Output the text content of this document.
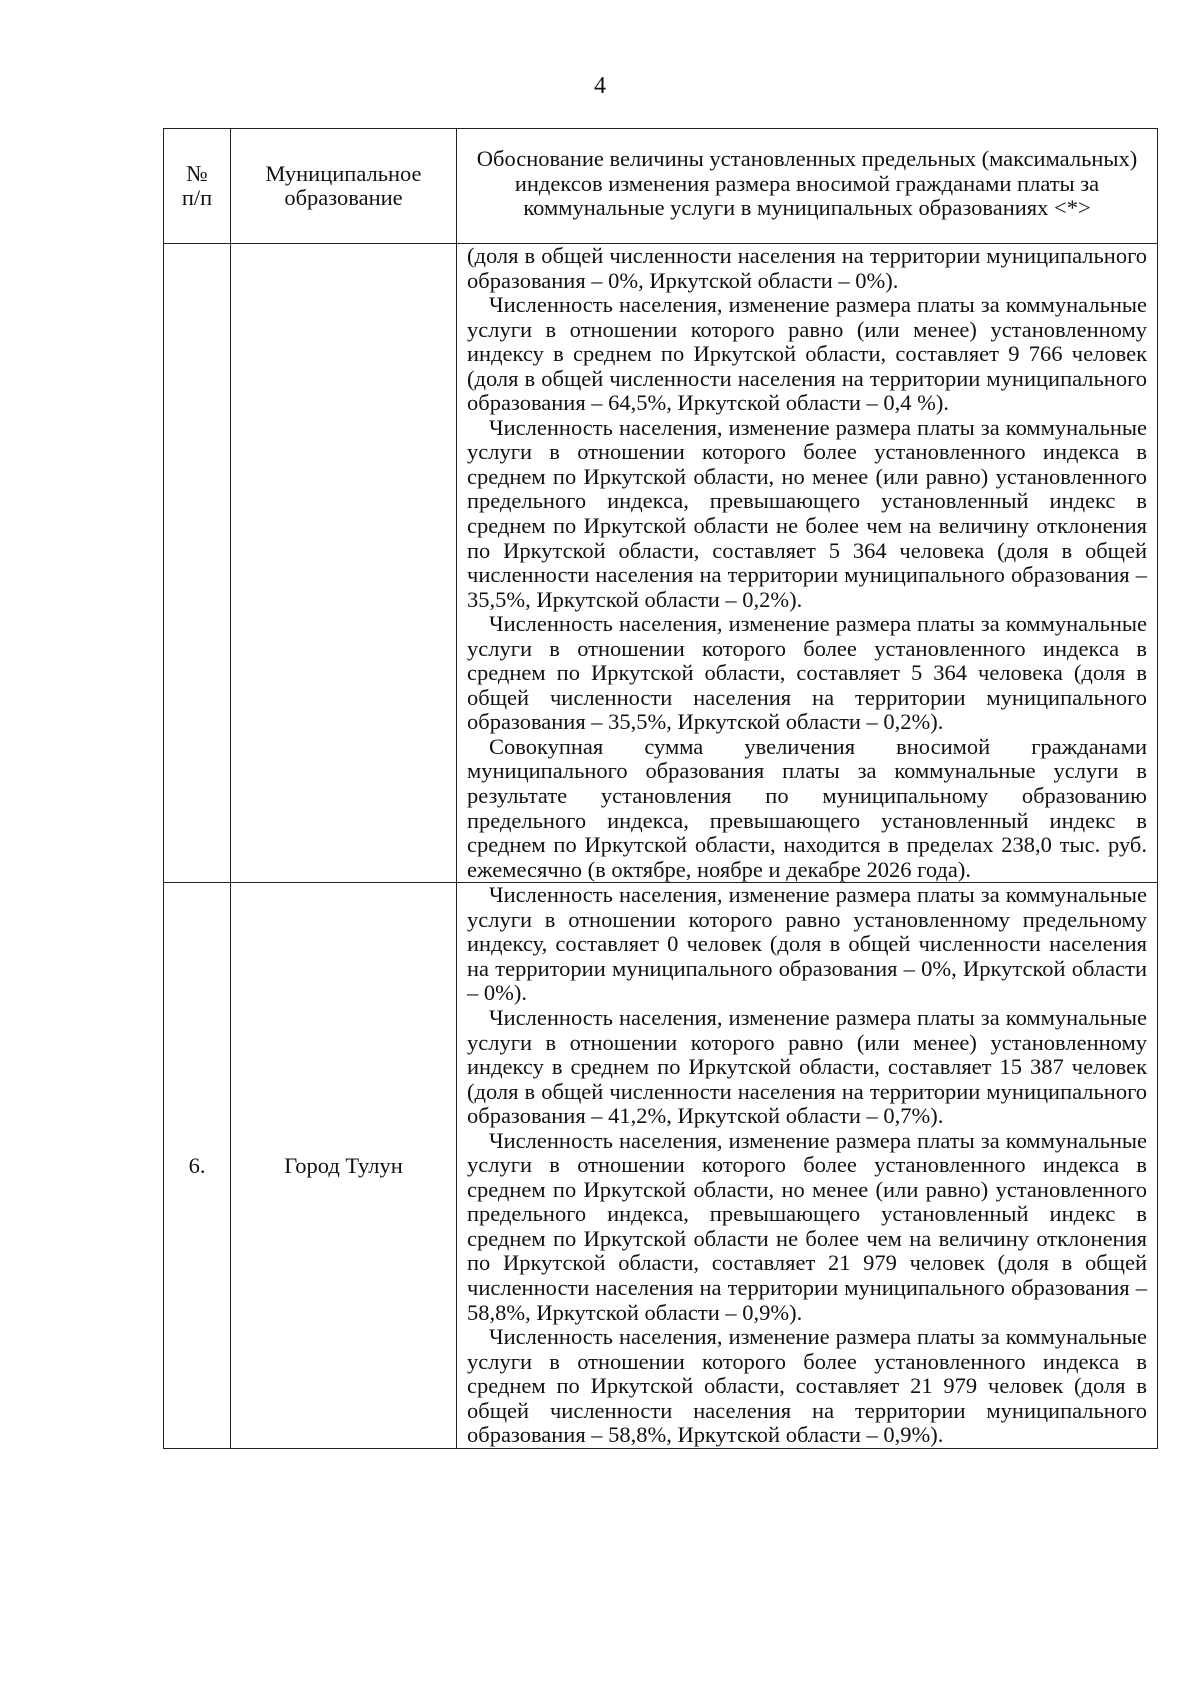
4
№
п/п	Муниципальное образование	Обоснование величины установленных предельных (максимальных) индексов изменения размера вносимой гражданами платы за коммунальные услуги в муниципальных образованиях <*>

		(доля в общей численности населения на территории муниципального образования – 0%, Иркутской области – 0%).

Численность населения, изменение размера платы за коммунальные услуги в отношении которого равно (или менее) установленному индексу в среднем по Иркутской области, составляет 9 766 человек (доля в общей численности населения на территории муниципального образования – 64,5%, Иркутской области – 0,4 %).

Численность населения, изменение размера платы за коммунальные услуги в отношении которого более установленного индекса в среднем по Иркутской области, но менее (или равно) установленного предельного индекса, превышающего установленный индекс в среднем по Иркутской области не более чем на величину отклонения по Иркутской области, составляет 5 364 человека (доля в общей численности населения на территории муниципального образования – 35,5%, Иркутской области – 0,2%).

Численность населения, изменение размера платы за коммунальные услуги в отношении которого более установленного индекса в среднем по Иркутской области, составляет 5 364 человека (доля в общей численности населения на территории муниципального образования – 35,5%, Иркутской области – 0,2%).

Совокупная сумма увеличения вносимой гражданами муниципального образования платы за коммунальные услуги в результате установления по муниципальному образованию предельного индекса, превышающего установленный индекс в среднем по Иркутской области, находится в пределах 238,0 тыс. руб. ежемесячно (в октябре, ноябре и декабре 2026 года).

6.	Город Тулун	Численность населения, изменение размера платы за коммунальные услуги в отношении которого равно установленному предельному индексу, составляет 0 человек (доля в общей численности населения на территории муниципального образования – 0%, Иркутской области – 0%).

Численность населения, изменение размера платы за коммунальные услуги в отношении которого равно (или менее) установленному индексу в среднем по Иркутской области, составляет 15 387 человек (доля в общей численности населения на территории муниципального образования – 41,2%, Иркутской области – 0,7%).

Численность населения, изменение размера платы за коммунальные услуги в отношении которого более установленного индекса в среднем по Иркутской области, но менее (или равно) установленного предельного индекса, превышающего установленный индекс в среднем по Иркутской области не более чем на величину отклонения по Иркутской области, составляет 21 979 человек (доля в общей численности населения на территории муниципального образования – 58,8%, Иркутской области – 0,9%).

Численность населения, изменение размера платы за коммунальные услуги в отношении которого более установленного индекса в среднем по Иркутской области, составляет 21 979 человек (доля в общей численности населения на территории муниципального образования – 58,8%, Иркутской области – 0,9%).
